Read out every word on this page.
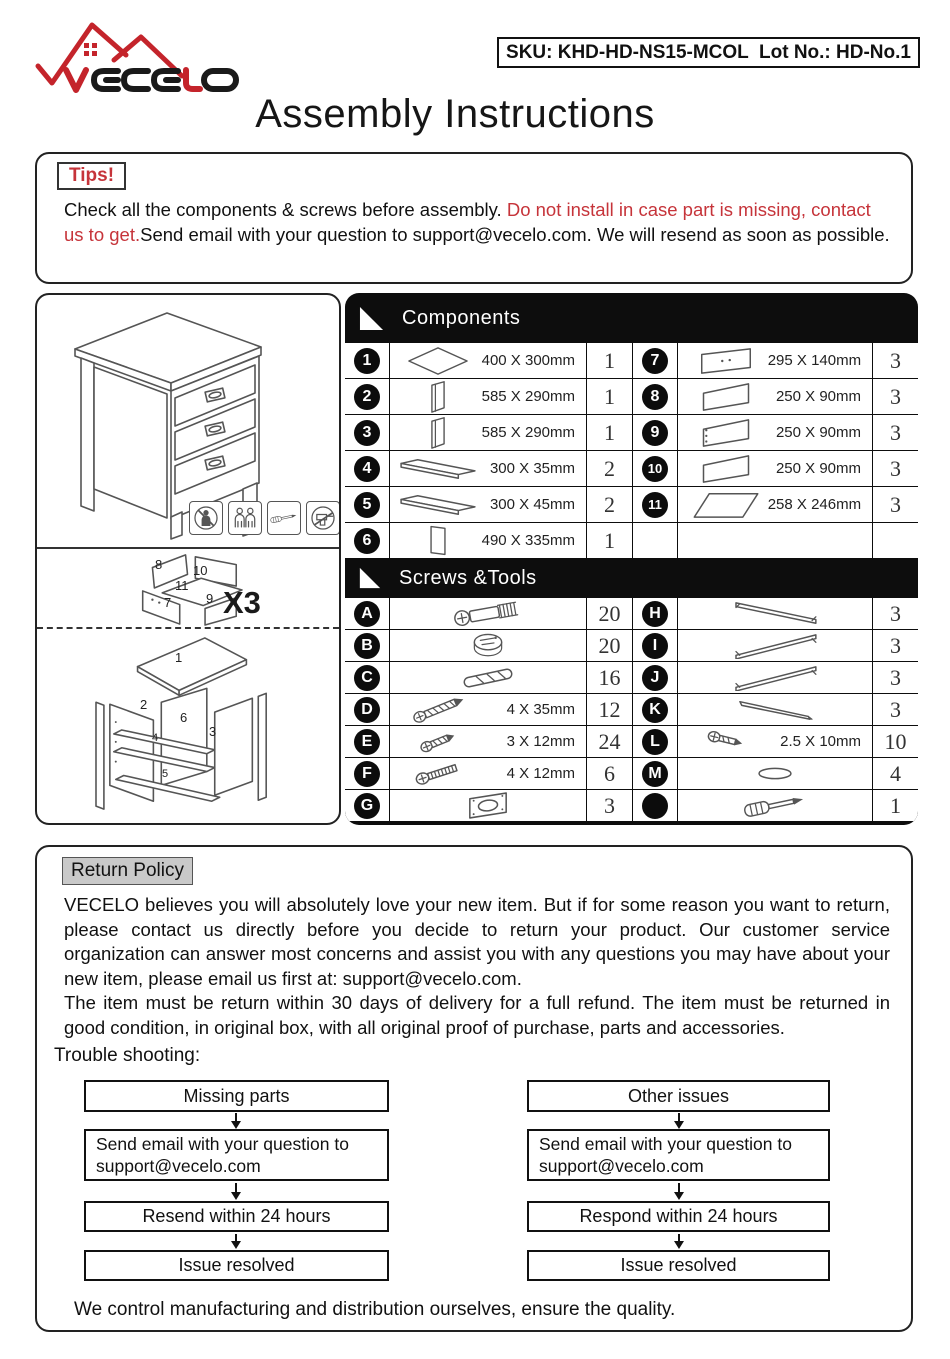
SKU: KHD-HD-NS15-MCOL  Lot No.: HD-No.1
Assembly Instructions
Tips!

Check all the components & screws before assembly. Do not install in case part is missing, contact us to get.Send email with your question to support@vecelo.com. We will resend as soon as possible.

8 10
11
7	9 X3
1
2
6
3
4
5
Components
1	400 X 300mm	1	7	295 X 140mm	3
2	585 X 290mm	1	8	250 X 90mm	3
3	585 X 290mm	1	9	250 X 90mm	3
4	300 X 35mm	2	10	250 X 90mm	3
5	300 X 45mm	2	11	258 X 246mm	3
6	490 X 335mm	1
Screws &Tools
A	20	H	3
B	20	I	3
C	16	J	3
D	4 X 35mm	12	K	3
E	3 X 12mm	24	L	2.5 X 10mm	10
F	4 X 12mm	6	M	4
G	3	1
Return Policy

VECELO believes you will absolutely love your new item. But if for some reason you want to return, please contact us directly before you decide to return your product. Our customer service organization can answer most concerns and assist you with any questions you may have about your new item, please email us first at: support@vecelo.com.

The item must be return within 30 days of delivery for a full refund. The item must be returned in good condition, in original box, with all original proof of purchase, parts and accessories.

Trouble shooting:
Missing parts
Send email with your question to support@vecelo.com
Resend within 24 hours
Issue resolved
Other issues
Send email with your question to support@vecelo.com
Respond within 24 hours
Issue resolved
We control manufacturing and distribution ourselves, ensure the quality.
